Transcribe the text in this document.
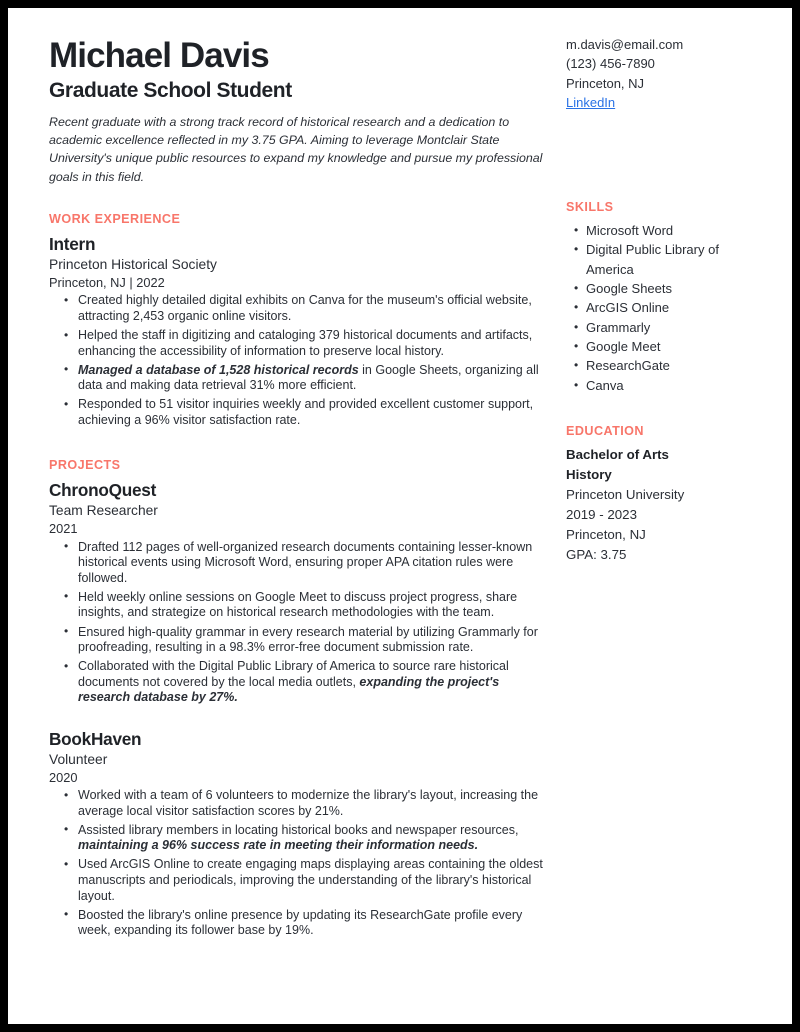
Michael Davis
Graduate School Student

Recent graduate with a strong track record of historical research and a dedication to academic excellence reflected in my 3.75 GPA. Aiming to leverage Montclair State University's unique public resources to expand my knowledge and pursue my professional goals in this field.

WORK EXPERIENCE
Intern
Princeton Historical Society
Princeton, NJ | 2022
• Created highly detailed digital exhibits on Canva for the museum's official website, attracting 2,453 organic online visitors.
• Helped the staff in digitizing and cataloging 379 historical documents and artifacts, enhancing the accessibility of information to preserve local history.
• Managed a database of 1,528 historical records in Google Sheets, organizing all data and making data retrieval 31% more efficient.
• Responded to 51 visitor inquiries weekly and provided excellent customer support, achieving a 96% visitor satisfaction rate.
PROJECTS
ChronoQuest
Team Researcher
2021
• Drafted 112 pages of well-organized research documents containing lesser-known historical events using Microsoft Word, ensuring proper APA citation rules were followed.
• Held weekly online sessions on Google Meet to discuss project progress, share insights, and strategize on historical research methodologies with the team.
• Ensured high-quality grammar in every research material by utilizing Grammarly for proofreading, resulting in a 98.3% error-free document submission rate.
• Collaborated with the Digital Public Library of America to source rare historical documents not covered by the local media outlets, expanding the project's research database by 27%.
BookHaven
Volunteer
2020
• Worked with a team of 6 volunteers to modernize the library's layout, increasing the average local visitor satisfaction scores by 21%.
• Assisted library members in locating historical books and newspaper resources, maintaining a 96% success rate in meeting their information needs.
• Used ArcGIS Online to create engaging maps displaying areas containing the oldest manuscripts and periodicals, improving the understanding of the library's historical layout.
• Boosted the library's online presence by updating its ResearchGate profile every week, expanding its follower base by 19%.
m.davis@email.com
(123) 456-7890
Princeton, NJ
LinkedIn
SKILLS
• Microsoft Word
• Digital Public Library of America
• Google Sheets
• ArcGIS Online
• Grammarly
• Google Meet
• ResearchGate
• Canva
EDUCATION
Bachelor of Arts
History
Princeton University
2019 - 2023
Princeton, NJ
GPA: 3.75
